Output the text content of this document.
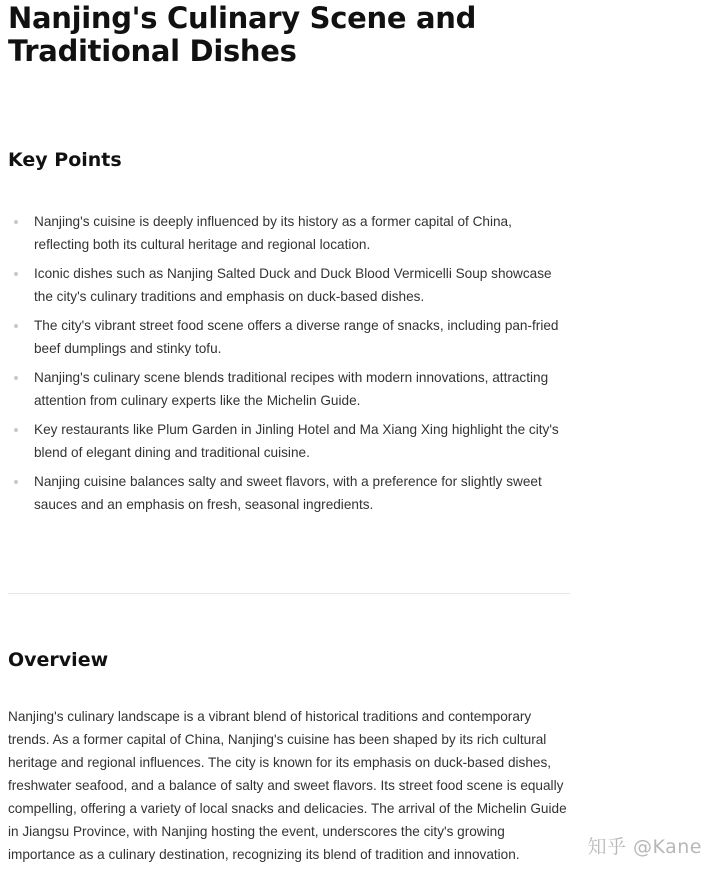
Nanjing's Culinary Scene and Traditional Dishes
Key Points
Nanjing's cuisine is deeply influenced by its history as a former capital of China, reflecting both its cultural heritage and regional location.
Iconic dishes such as Nanjing Salted Duck and Duck Blood Vermicelli Soup showcase the city's culinary traditions and emphasis on duck-based dishes.
The city's vibrant street food scene offers a diverse range of snacks, including pan-fried beef dumplings and stinky tofu.
Nanjing's culinary scene blends traditional recipes with modern innovations, attracting attention from culinary experts like the Michelin Guide.
Key restaurants like Plum Garden in Jinling Hotel and Ma Xiang Xing highlight the city's blend of elegant dining and traditional cuisine.
Nanjing cuisine balances salty and sweet flavors, with a preference for slightly sweet sauces and an emphasis on fresh, seasonal ingredients.
Overview

Nanjing's culinary landscape is a vibrant blend of historical traditions and contemporary trends. As a former capital of China, Nanjing's cuisine has been shaped by its rich cultural heritage and regional influences. The city is known for its emphasis on duck-based dishes, freshwater seafood, and a balance of salty and sweet flavors. Its street food scene is equally compelling, offering a variety of local snacks and delicacies. The arrival of the Michelin Guide in Jiangsu Province, with Nanjing hosting the event, underscores the city's growing importance as a culinary destination, recognizing its blend of tradition and innovation.	知乎 @Kane
